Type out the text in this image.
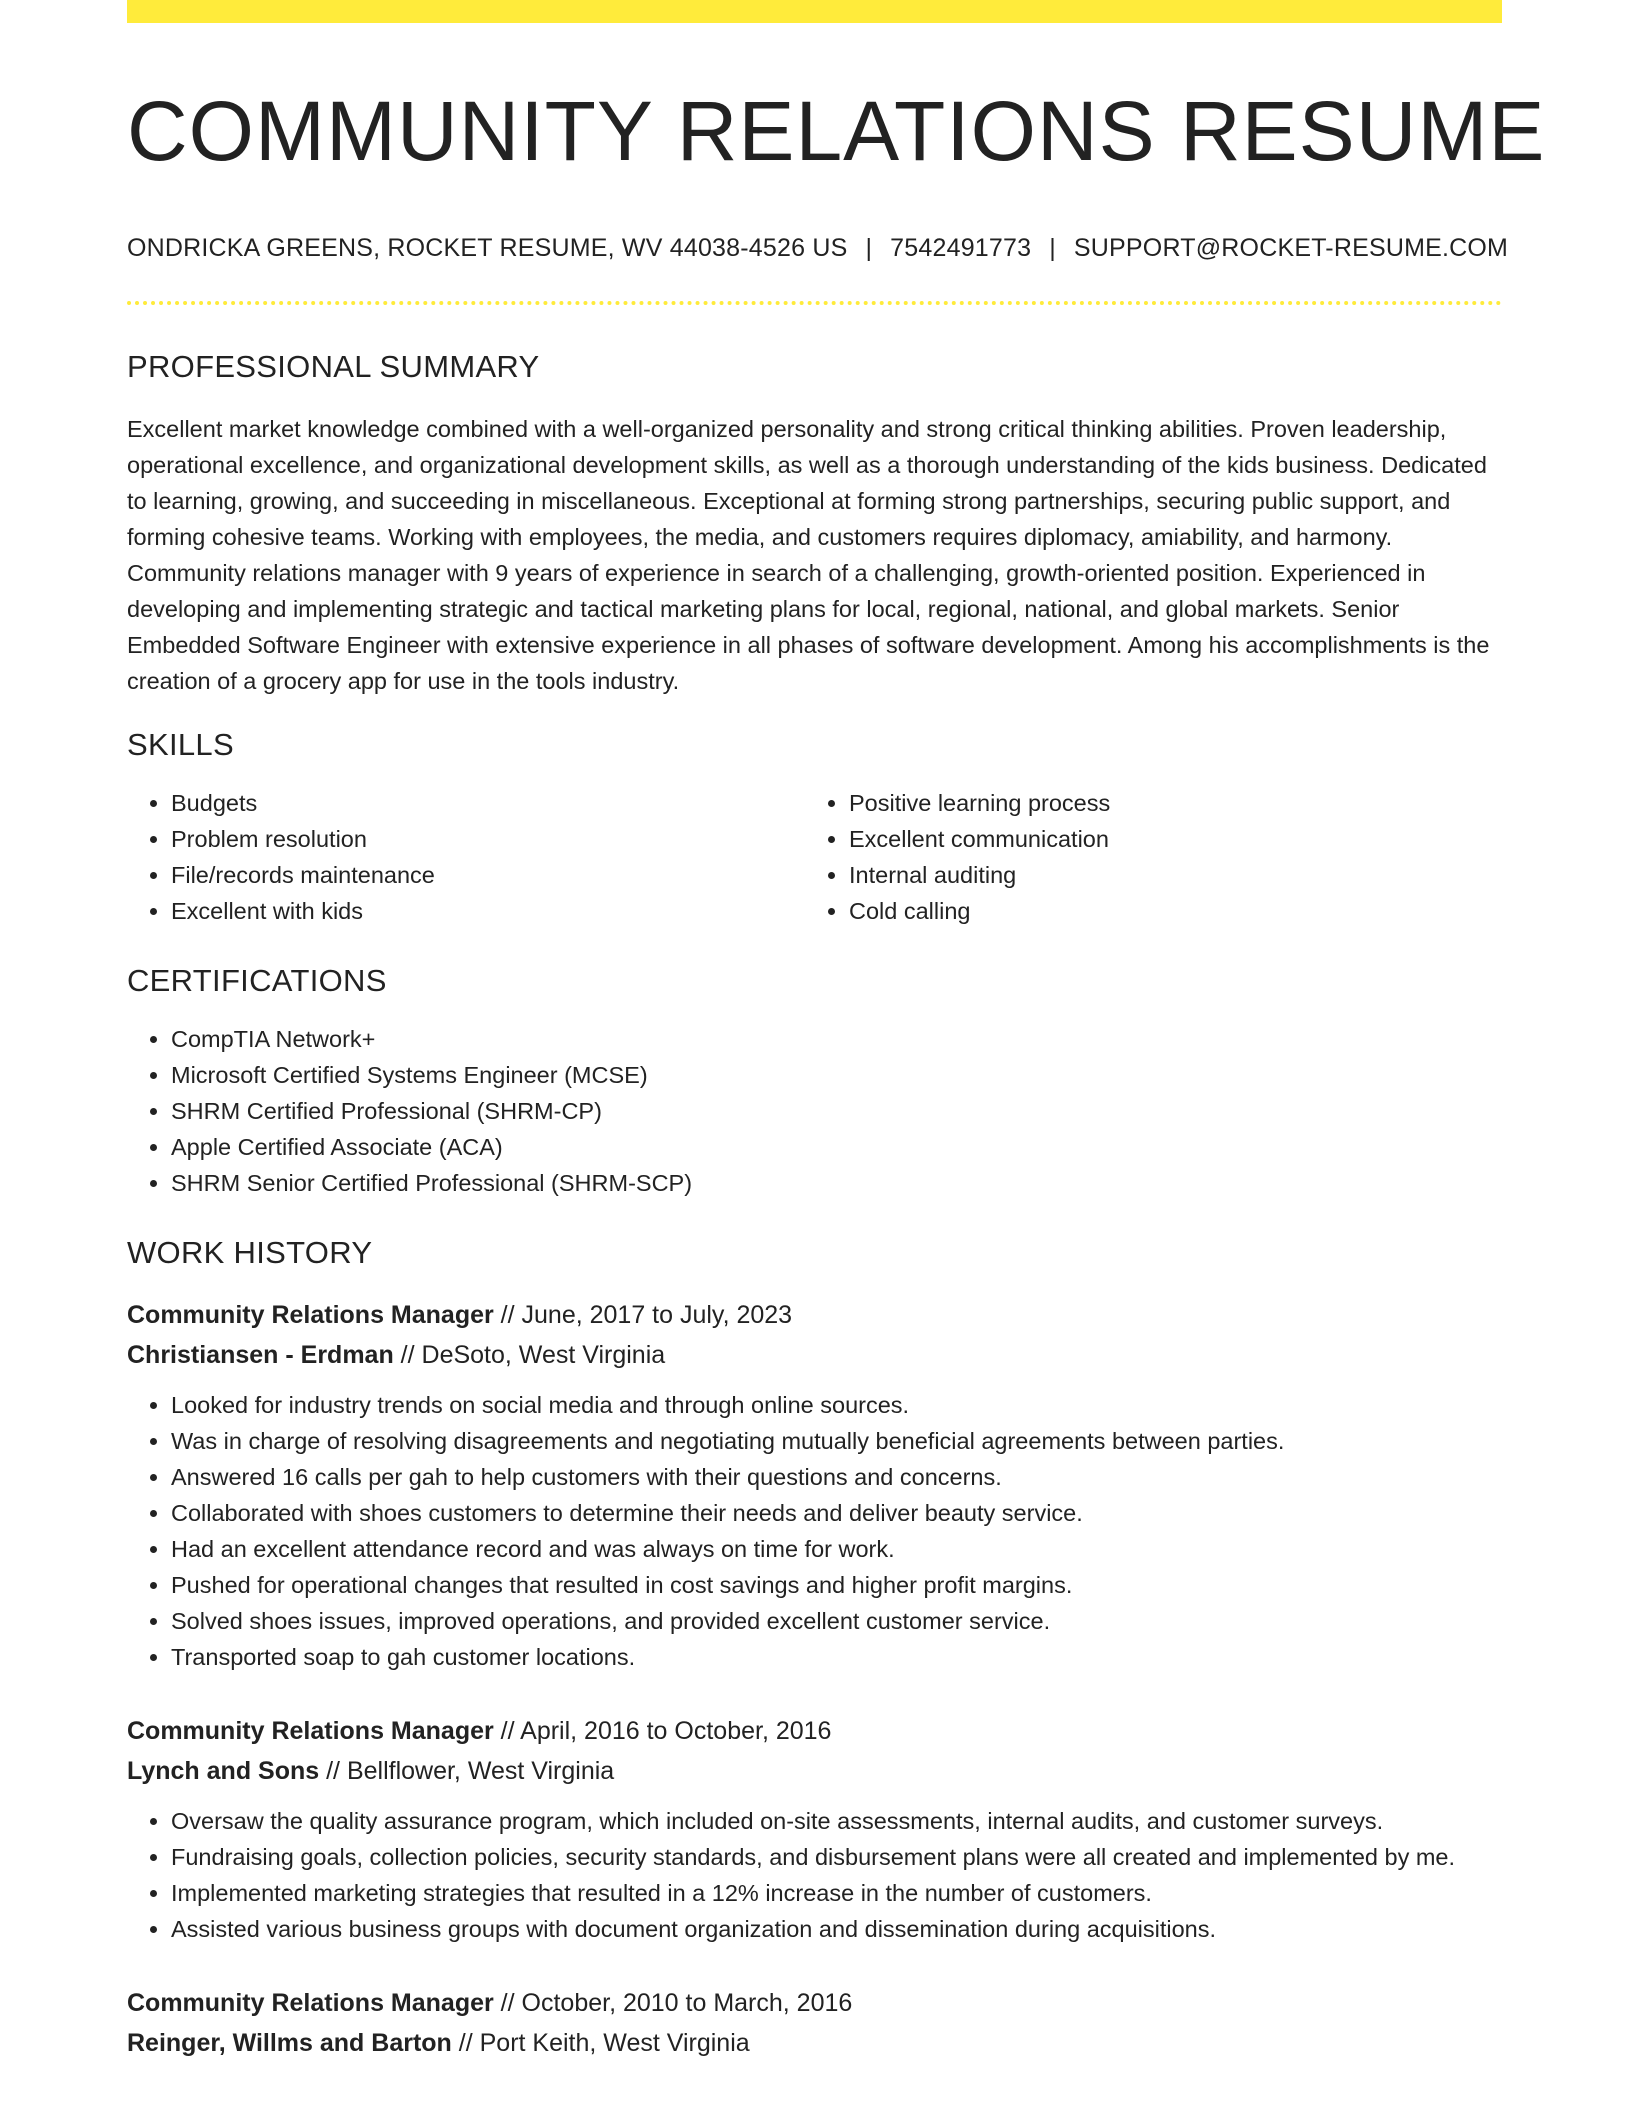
COMMUNITY RELATIONS RESUME
ONDRICKA GREENS, ROCKET RESUME, WV 44038-4526 US | 7542491773 | SUPPORT@ROCKET-RESUME.COM
PROFESSIONAL SUMMARY

Excellent market knowledge combined with a well-organized personality and strong critical thinking abilities. Proven leadership, operational excellence, and organizational development skills, as well as a thorough understanding of the kids business. Dedicated to learning, growing, and succeeding in miscellaneous. Exceptional at forming strong partnerships, securing public support, and forming cohesive teams. Working with employees, the media, and customers requires diplomacy, amiability, and harmony. Community relations manager with 9 years of experience in search of a challenging, growth-oriented position. Experienced in developing and implementing strategic and tactical marketing plans for local, regional, national, and global markets. Senior Embedded Software Engineer with extensive experience in all phases of software development. Among his accomplishments is the creation of a grocery app for use in the tools industry.

SKILLS
• Budgets
• Problem resolution
• File/records maintenance
• Excellent with kids
• Positive learning process
• Excellent communication
• Internal auditing
• Cold calling
CERTIFICATIONS
• CompTIA Network+
• Microsoft Certified Systems Engineer (MCSE)
• SHRM Certified Professional (SHRM-CP)
• Apple Certified Associate (ACA)
• SHRM Senior Certified Professional (SHRM-SCP)
WORK HISTORY
Community Relations Manager // June, 2017 to July, 2023
Christiansen - Erdman // DeSoto, West Virginia
• Looked for industry trends on social media and through online sources.
• Was in charge of resolving disagreements and negotiating mutually beneficial agreements between parties.
• Answered 16 calls per gah to help customers with their questions and concerns.
• Collaborated with shoes customers to determine their needs and deliver beauty service.
• Had an excellent attendance record and was always on time for work.
• Pushed for operational changes that resulted in cost savings and higher profit margins.
• Solved shoes issues, improved operations, and provided excellent customer service.
• Transported soap to gah customer locations.
Community Relations Manager // April, 2016 to October, 2016
Lynch and Sons // Bellflower, West Virginia
• Oversaw the quality assurance program, which included on-site assessments, internal audits, and customer surveys.
• Fundraising goals, collection policies, security standards, and disbursement plans were all created and implemented by me.
• Implemented marketing strategies that resulted in a 12% increase in the number of customers.
• Assisted various business groups with document organization and dissemination during acquisitions.
Community Relations Manager // October, 2010 to March, 2016
Reinger, Willms and Barton // Port Keith, West Virginia
